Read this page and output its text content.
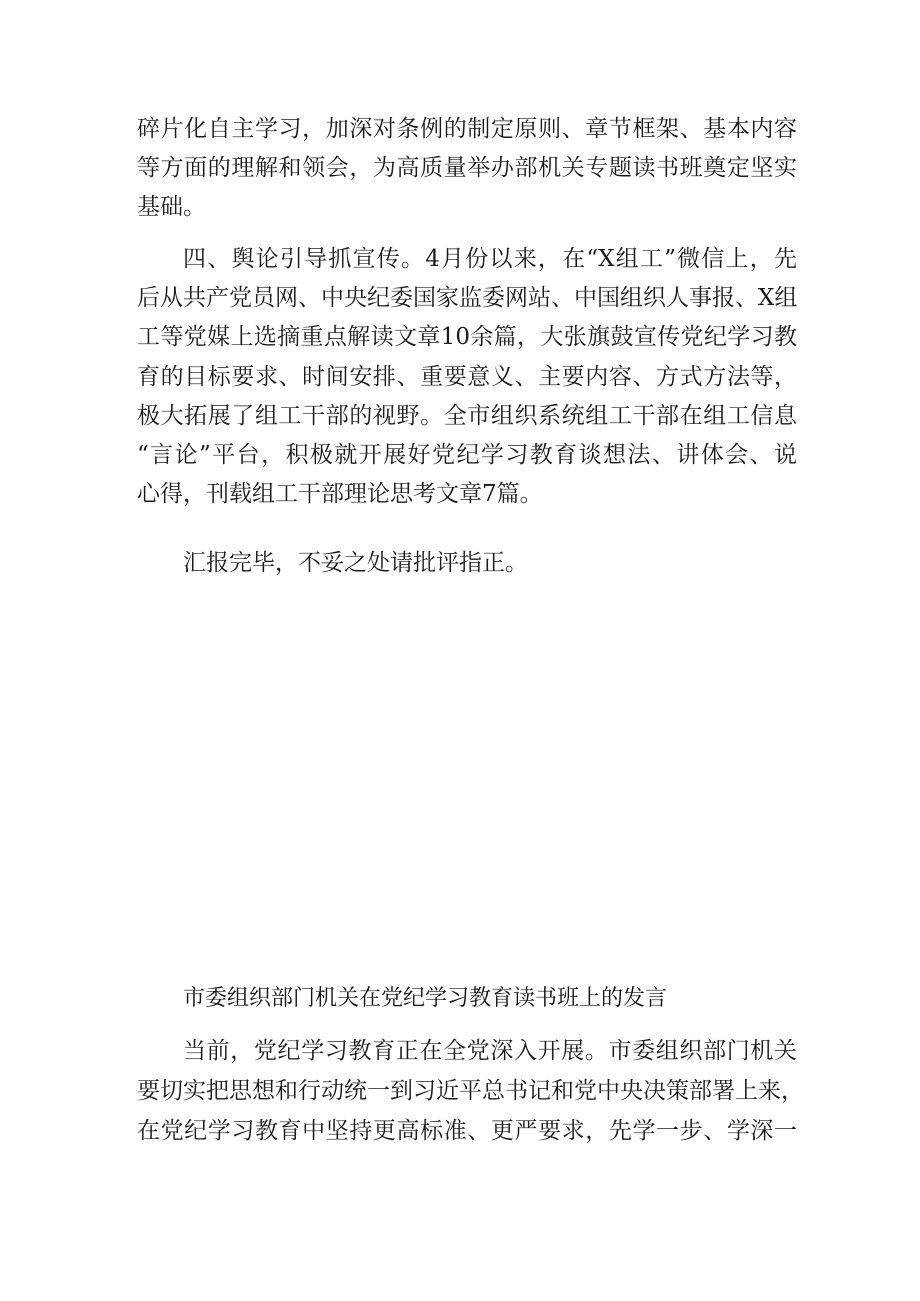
碎片化自主学习，加深对条例的制定原则、章节框架、基本内容
等方面的理解和领会，为高质量举办部机关专题读书班奠定坚实
基础。
四、舆论引导抓宣传。4月份以来，在“X组工”微信上，先
后从共产党员网、中央纪委国家监委网站、中国组织人事报、X组
工等党媒上选摘重点解读文章10余篇，大张旗鼓宣传党纪学习教
育的目标要求、时间安排、重要意义、主要内容、方式方法等，
极大拓展了组工干部的视野。全市组织系统组工干部在组工信息
“言论”平台，积极就开展好党纪学习教育谈想法、讲体会、说
心得，刊载组工干部理论思考文章7篇。
汇报完毕，不妥之处请批评指正。
市委组织部门机关在党纪学习教育读书班上的发言
当前，党纪学习教育正在全党深入开展。市委组织部门机关
要切实把思想和行动统一到习近平总书记和党中央决策部署上来，
在党纪学习教育中坚持更高标准、更严要求，先学一步、学深一
